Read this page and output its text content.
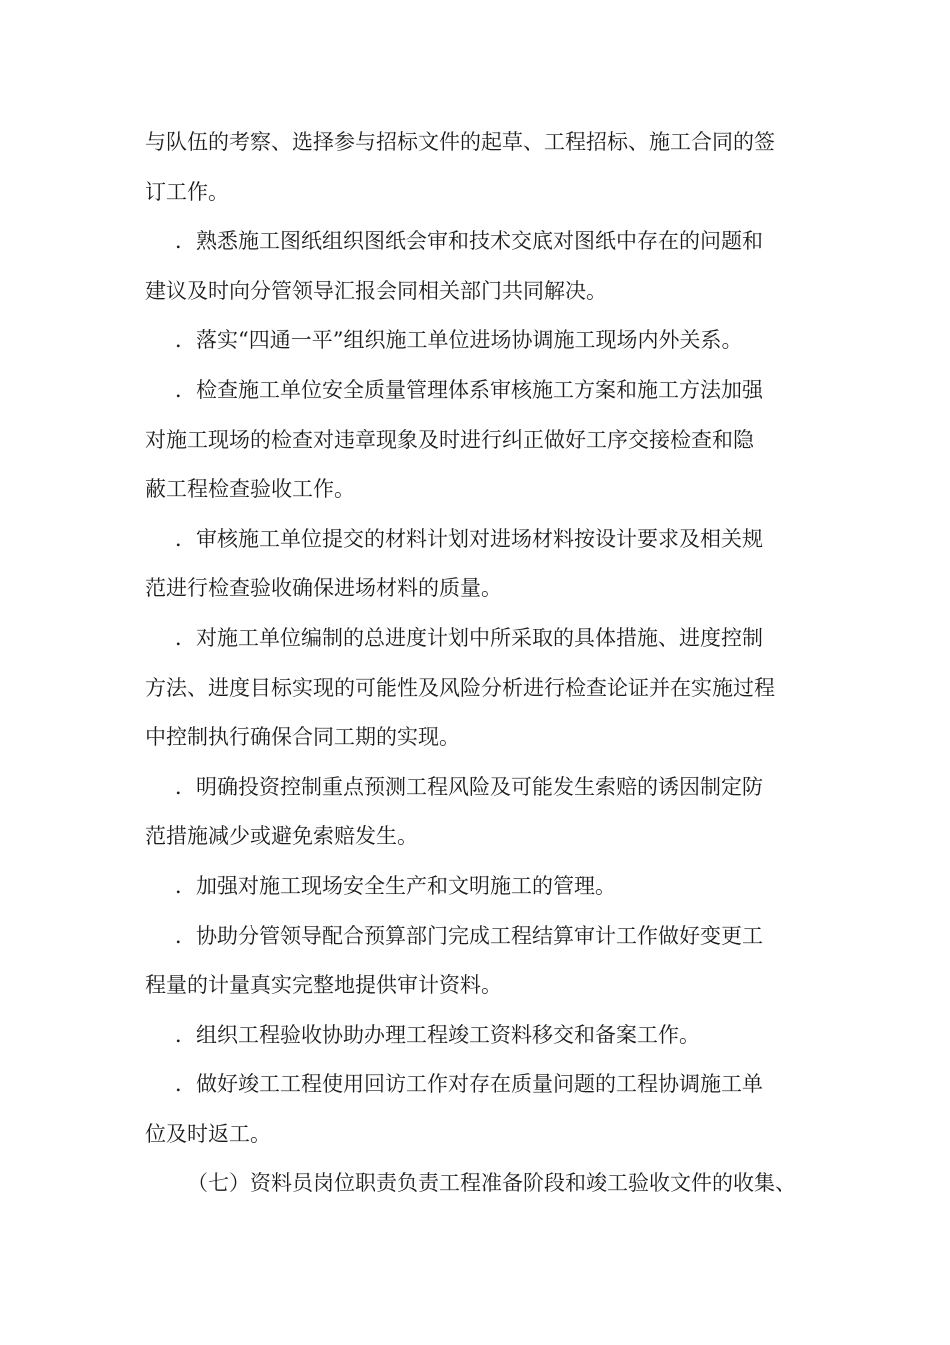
与队伍的考察、选择参与招标文件的起草、工程招标、施工合同的签
订工作。
．熟悉施工图纸组织图纸会审和技术交底对图纸中存在的问题和
建议及时向分管领导汇报会同相关部门共同解决。
．落实“四通一平”组织施工单位进场协调施工现场内外关系。
．检查施工单位安全质量管理体系审核施工方案和施工方法加强
对施工现场的检查对违章现象及时进行纠正做好工序交接检查和隐
蔽工程检查验收工作。
．审核施工单位提交的材料计划对进场材料按设计要求及相关规
范进行检查验收确保进场材料的质量。
．对施工单位编制的总进度计划中所采取的具体措施、进度控制
方法、进度目标实现的可能性及风险分析进行检查论证并在实施过程
中控制执行确保合同工期的实现。
．明确投资控制重点预测工程风险及可能发生索赔的诱因制定防
范措施减少或避免索赔发生。
．加强对施工现场安全生产和文明施工的管理。
．协助分管领导配合预算部门完成工程结算审计工作做好变更工
程量的计量真实完整地提供审计资料。
．组织工程验收协助办理工程竣工资料移交和备案工作。
．做好竣工工程使用回访工作对存在质量问题的工程协调施工单
位及时返工。
（七）资料员岗位职责负责工程准备阶段和竣工验收文件的收集、
